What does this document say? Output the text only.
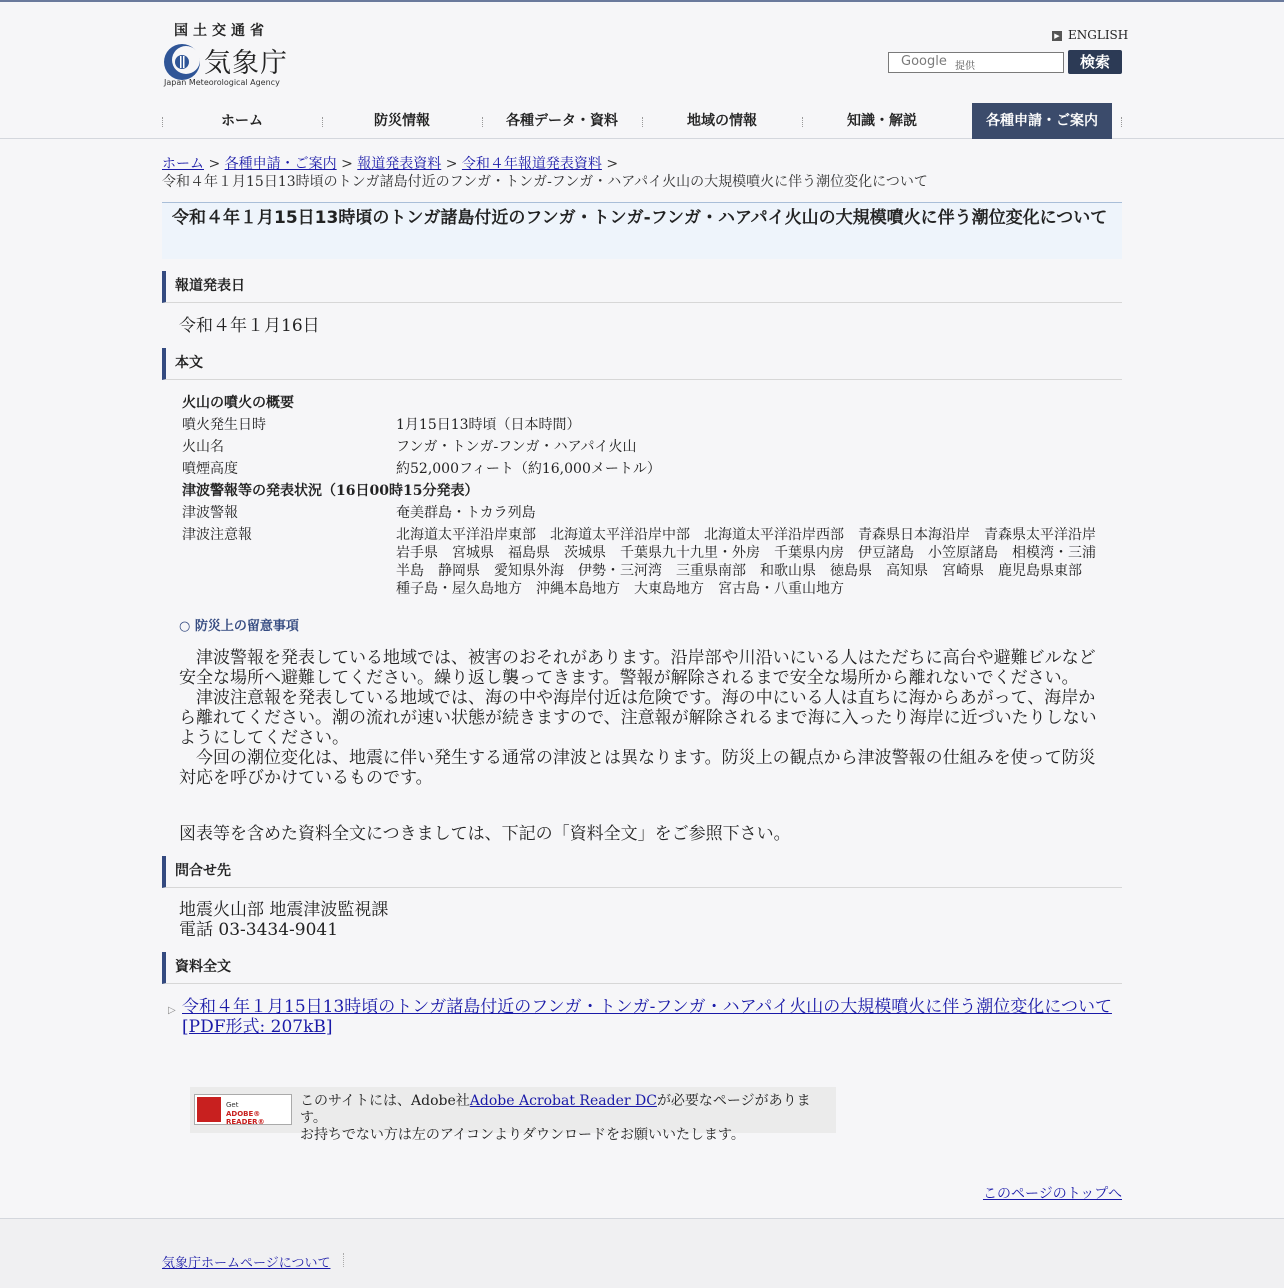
国土交通省
気象庁
Japan Meteorological Agency
▶ ENGLISH
Google 提供	検索
ホーム	防災情報	各種データ・資料	地域の情報	知識・解説	各種申請・ご案内
ホーム > 各種申請・ご案内 > 報道発表資料 > 令和４年報道発表資料 >
令和４年１月15日13時頃のトンガ諸島付近のフンガ・トンガ-フンガ・ハアパイ火山の大規模噴火に伴う潮位変化について
令和４年１月15日13時頃のトンガ諸島付近のフンガ・トンガ-フンガ・ハアパイ火山の大規模噴火に伴う潮位変化について
報道発表日
令和４年１月16日
本文
火山の噴火の概要
噴火発生日時	1月15日13時頃（日本時間）
火山名	フンガ・トンガ-フンガ・ハアパイ火山
噴煙高度	約52,000フィート（約16,000メートル）
津波警報等の発表状況（16日00時15分発表）
津波警報	奄美群島・トカラ列島
津波注意報	北海道太平洋沿岸東部　北海道太平洋沿岸中部　北海道太平洋沿岸西部　青森県日本海沿岸　青森県太平洋沿岸
岩手県　宮城県　福島県　茨城県　千葉県九十九里・外房　千葉県内房　伊豆諸島　小笠原諸島　相模湾・三浦
半島　静岡県　愛知県外海　伊勢・三河湾　三重県南部　和歌山県　徳島県　高知県　宮崎県　鹿児島県東部
種子島・屋久島地方　沖縄本島地方　大東島地方　宮古島・八重山地方
○ 防災上の留意事項
　津波警報を発表している地域では、被害のおそれがあります。沿岸部や川沿いにいる人はただちに高台や避難ビルなど
安全な場所へ避難してください。繰り返し襲ってきます。警報が解除されるまで安全な場所から離れないでください。
　津波注意報を発表している地域では、海の中や海岸付近は危険です。海の中にいる人は直ちに海からあがって、海岸か
ら離れてください。潮の流れが速い状態が続きますので、注意報が解除されるまで海に入ったり海岸に近づいたりしない
ようにしてください。
　今回の潮位変化は、地震に伴い発生する通常の津波とは異なります。防災上の観点から津波警報の仕組みを使って防災
対応を呼びかけているものです。
図表等を含めた資料全文につきましては、下記の「資料全文」をご参照下さい。
問合せ先
地震火山部 地震津波監視課
電話 03-3434-9041
資料全文
▷ 令和４年１月15日13時頃のトンガ諸島付近のフンガ・トンガ-フンガ・ハアパイ火山の大規模噴火に伴う潮位変化について
[PDF形式: 207kB]
Get
ADOBE® READER®
このサイトには、Adobe社Adobe Acrobat Reader DCが必要なページがあります。
お持ちでない方は左のアイコンよりダウンロードをお願いいたします。
このページのトップへ
気象庁ホームページについて
